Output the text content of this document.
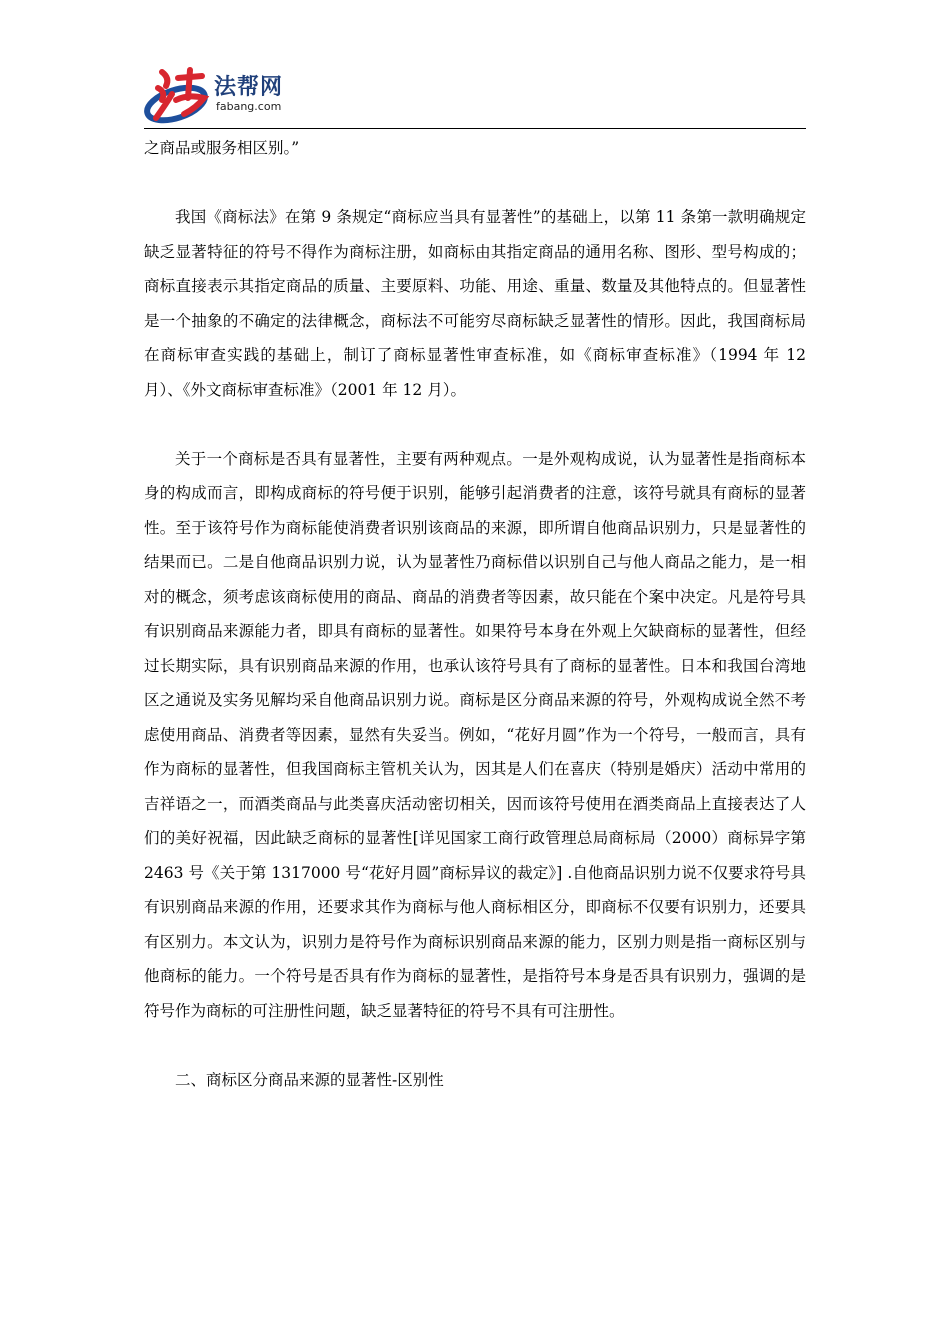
法帮网
fabang.com

之商品或服务相区别。”

我国《商标法》在第 9 条规定“商标应当具有显著性”的基础上，以第 11 条第一款明确规定缺乏显著特征的符号不得作为商标注册，如商标由其指定商品的通用名称、图形、型号构成的；商标直接表示其指定商品的质量、主要原料、功能、用途、重量、数量及其他特点的。但显著性是一个抽象的不确定的法律概念，商标法不可能穷尽商标缺乏显著性的情形。因此，我国商标局在商标审查实践的基础上，制订了商标显著性审查标准，如《商标审查标准》（1994 年 12 月）、《外文商标审查标准》（2001 年 12 月）。

关于一个商标是否具有显著性，主要有两种观点。一是外观构成说，认为显著性是指商标本身的构成而言，即构成商标的符号便于识别，能够引起消费者的注意，该符号就具有商标的显著性。至于该符号作为商标能使消费者识别该商品的来源，即所谓自他商品识别力，只是显著性的结果而已。二是自他商品识别力说，认为显著性乃商标借以识别自己与他人商品之能力，是一相对的概念，须考虑该商标使用的商品、商品的消费者等因素，故只能在个案中决定。凡是符号具有识别商品来源能力者，即具有商标的显著性。如果符号本身在外观上欠缺商标的显著性，但经过长期实际，具有识别商品来源的作用，也承认该符号具有了商标的显著性。日本和我国台湾地区之通说及实务见解均采自他商品识别力说。商标是区分商品来源的符号，外观构成说全然不考虑使用商品、消费者等因素，显然有失妥当。例如，“花好月圆”作为一个符号，一般而言，具有作为商标的显著性，但我国商标主管机关认为，因其是人们在喜庆（特别是婚庆）活动中常用的吉祥语之一，而酒类商品与此类喜庆活动密切相关，因而该符号使用在酒类商品上直接表达了人们的美好祝福，因此缺乏商标的显著性[详见国家工商行政管理总局商标局（2000）商标异字第 2463 号《关于第 1317000 号“花好月圆”商标异议的裁定》] .自他商品识别力说不仅要求符号具有识别商品来源的作用，还要求其作为商标与他人商标相区分，即商标不仅要有识别力，还要具有区别力。本文认为，识别力是符号作为商标识别商品来源的能力，区别力则是指一商标区别与他商标的能力。一个符号是否具有作为商标的显著性，是指符号本身是否具有识别力，强调的是符号作为商标的可注册性问题，缺乏显著特征的符号不具有可注册性。

二、商标区分商品来源的显著性-区别性
